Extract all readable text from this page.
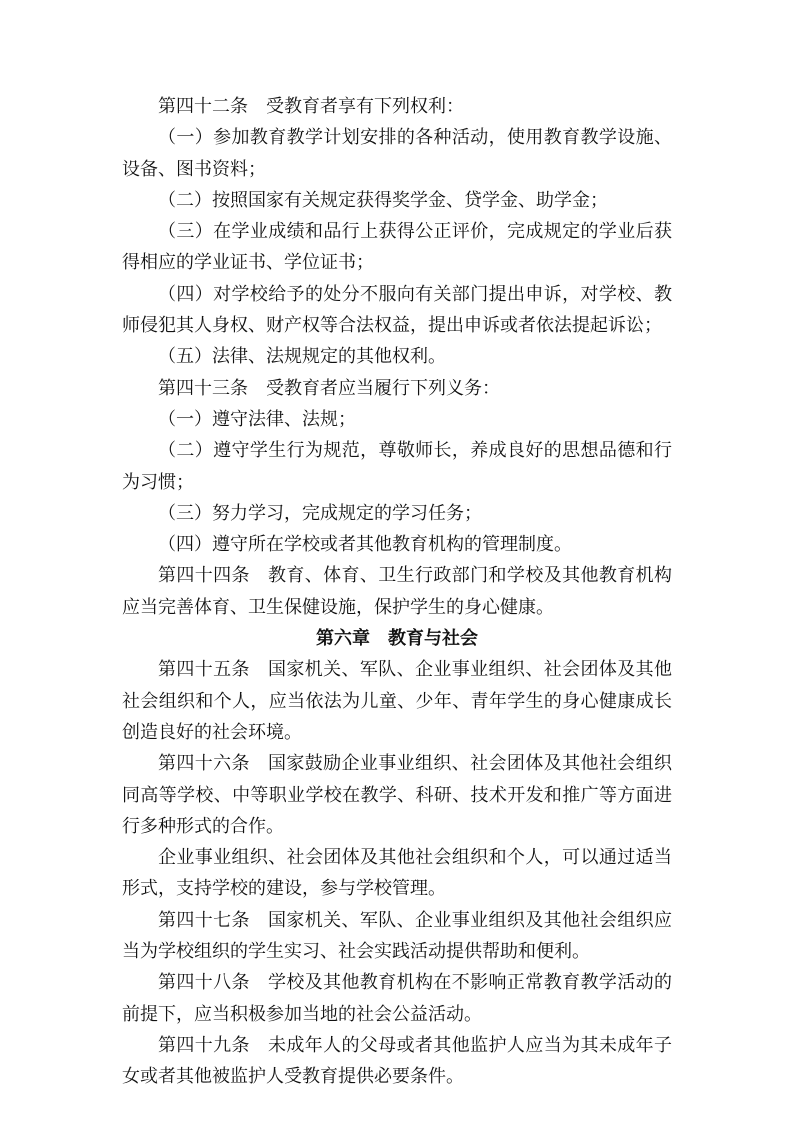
第四十二条 受教育者享有下列权利：

（一）参加教育教学计划安排的各种活动，使用教育教学设施、设备、图书资料；

（二）按照国家有关规定获得奖学金、贷学金、助学金；

（三）在学业成绩和品行上获得公正评价，完成规定的学业后获得相应的学业证书、学位证书；

（四）对学校给予的处分不服向有关部门提出申诉，对学校、教师侵犯其人身权、财产权等合法权益，提出申诉或者依法提起诉讼；

（五）法律、法规规定的其他权利。

第四十三条 受教育者应当履行下列义务：

（一）遵守法律、法规；

（二）遵守学生行为规范，尊敬师长，养成良好的思想品德和行为习惯；

（三）努力学习，完成规定的学习任务；

（四）遵守所在学校或者其他教育机构的管理制度。

第四十四条 教育、体育、卫生行政部门和学校及其他教育机构应当完善体育、卫生保健设施，保护学生的身心健康。

第六章 教育与社会

第四十五条 国家机关、军队、企业事业组织、社会团体及其他社会组织和个人，应当依法为儿童、少年、青年学生的身心健康成长创造良好的社会环境。

第四十六条 国家鼓励企业事业组织、社会团体及其他社会组织同高等学校、中等职业学校在教学、科研、技术开发和推广等方面进行多种形式的合作。

企业事业组织、社会团体及其他社会组织和个人，可以通过适当形式，支持学校的建设，参与学校管理。

第四十七条 国家机关、军队、企业事业组织及其他社会组织应当为学校组织的学生实习、社会实践活动提供帮助和便利。

第四十八条 学校及其他教育机构在不影响正常教育教学活动的前提下，应当积极参加当地的社会公益活动。

第四十九条 未成年人的父母或者其他监护人应当为其未成年子女或者其他被监护人受教育提供必要条件。
